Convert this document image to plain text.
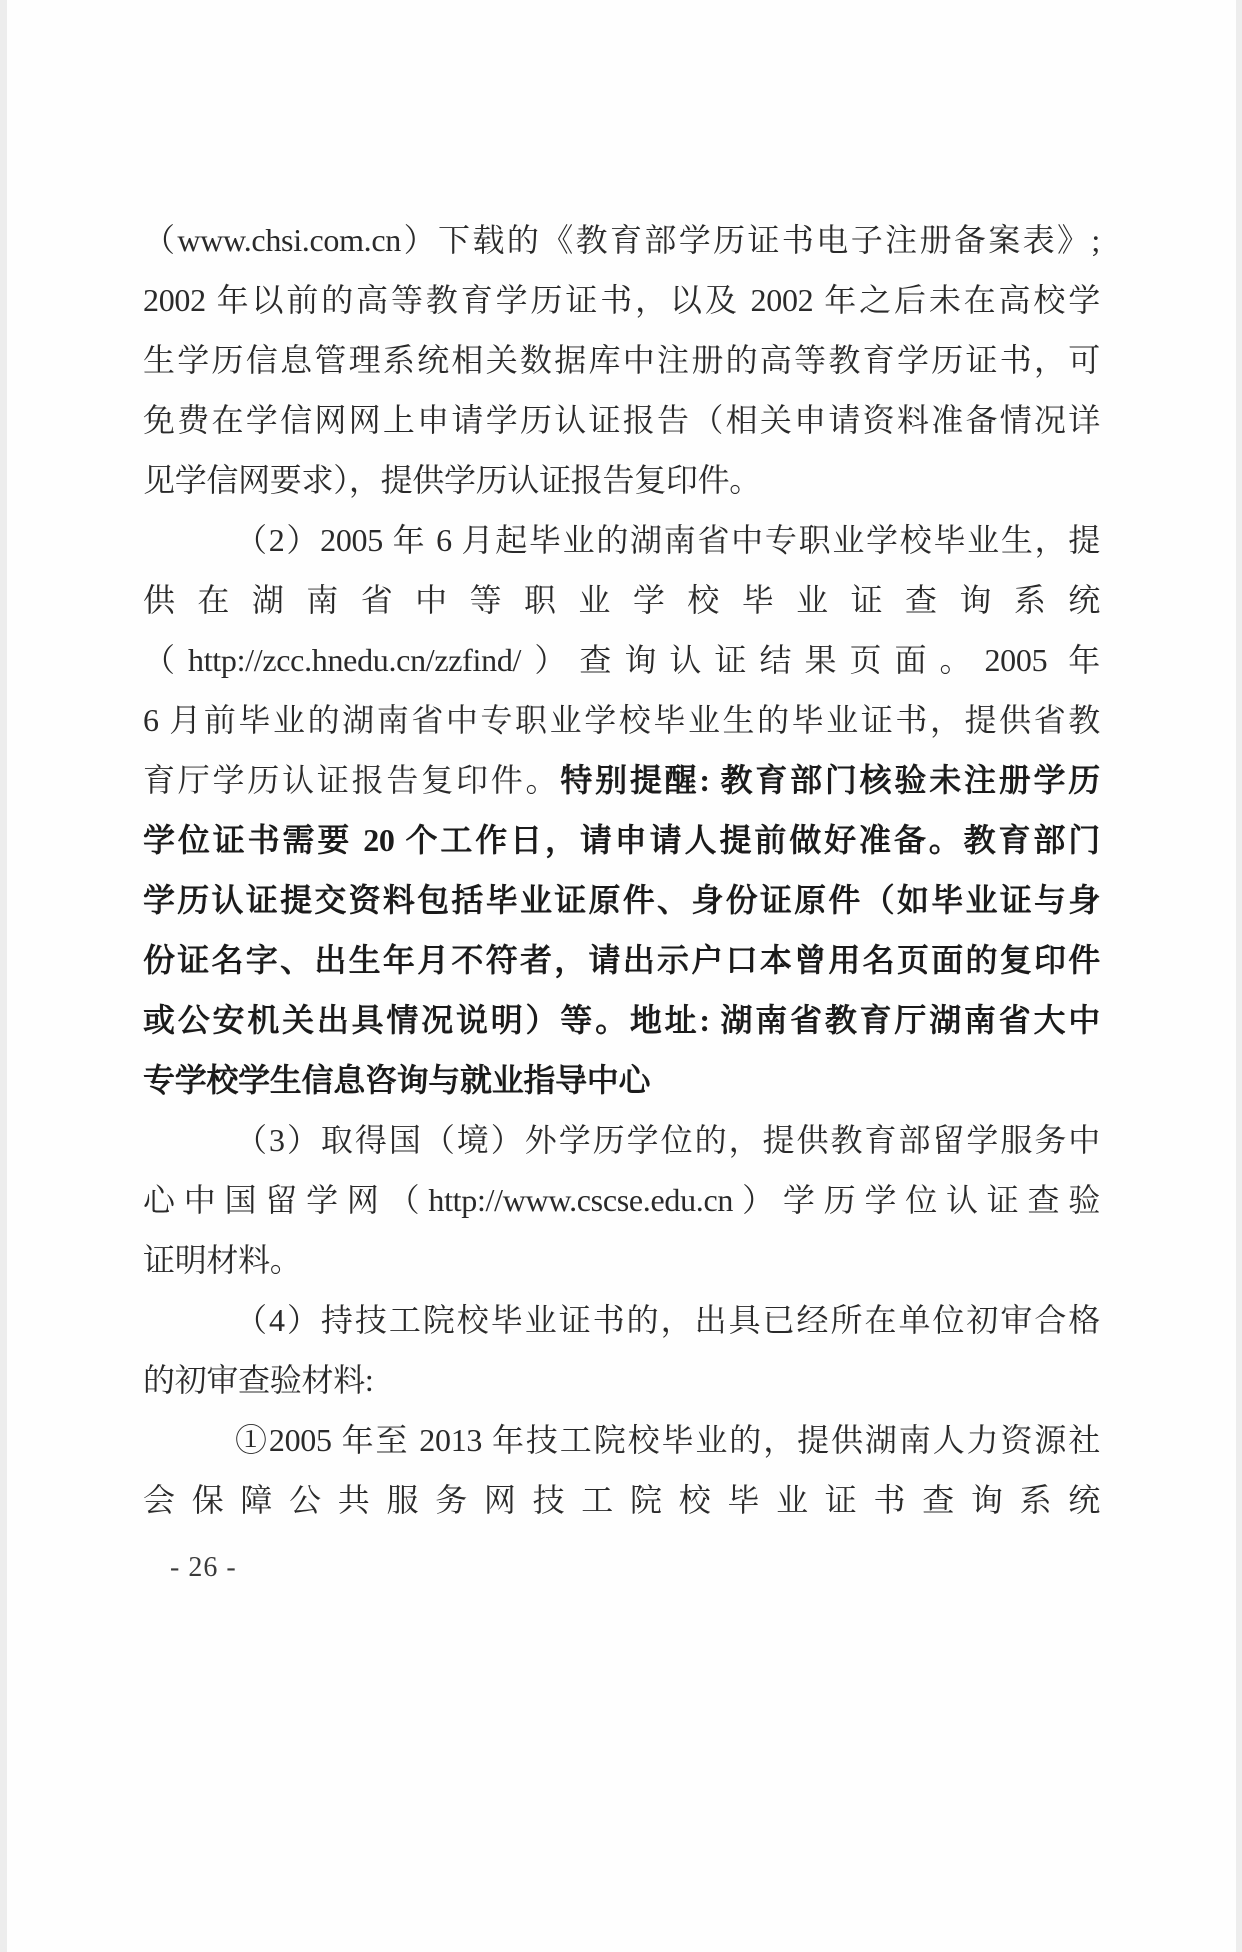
（www.chsi.com.cn）下载的《教育部学历证书电子注册备案表》;
2002 年以前的高等教育学历证书，以及 2002 年之后未在高校学
生学历信息管理系统相关数据库中注册的高等教育学历证书，可
免费在学信网网上申请学历认证报告（相关申请资料准备情况详
见学信网要求），提供学历认证报告复印件。
（2）2005 年 6 月起毕业的湖南省中专职业学校毕业生，提
供在湖南省中等职业学校毕业证查询系统
（http://zcc.hnedu.cn/zzfind/）查询认证结果页面。2005 年
6 月前毕业的湖南省中专职业学校毕业生的毕业证书，提供省教
育厅学历认证报告复印件。特别提醒: 教育部门核验未注册学历
学位证书需要 20 个工作日，请申请人提前做好准备。教育部门
学历认证提交资料包括毕业证原件、身份证原件（如毕业证与身
份证名字、出生年月不符者，请出示户口本曾用名页面的复印件
或公安机关出具情况说明）等。地址: 湖南省教育厅湖南省大中
专学校学生信息咨询与就业指导中心
（3）取得国（境）外学历学位的，提供教育部留学服务中
心中国留学网（http://www.cscse.edu.cn）学历学位认证查验
证明材料。
（4）持技工院校毕业证书的，出具已经所在单位初审合格
的初审查验材料:
①2005 年至 2013 年技工院校毕业的，提供湖南人力资源社
会保障公共服务网技工院校毕业证书查询系统
- 26 -
